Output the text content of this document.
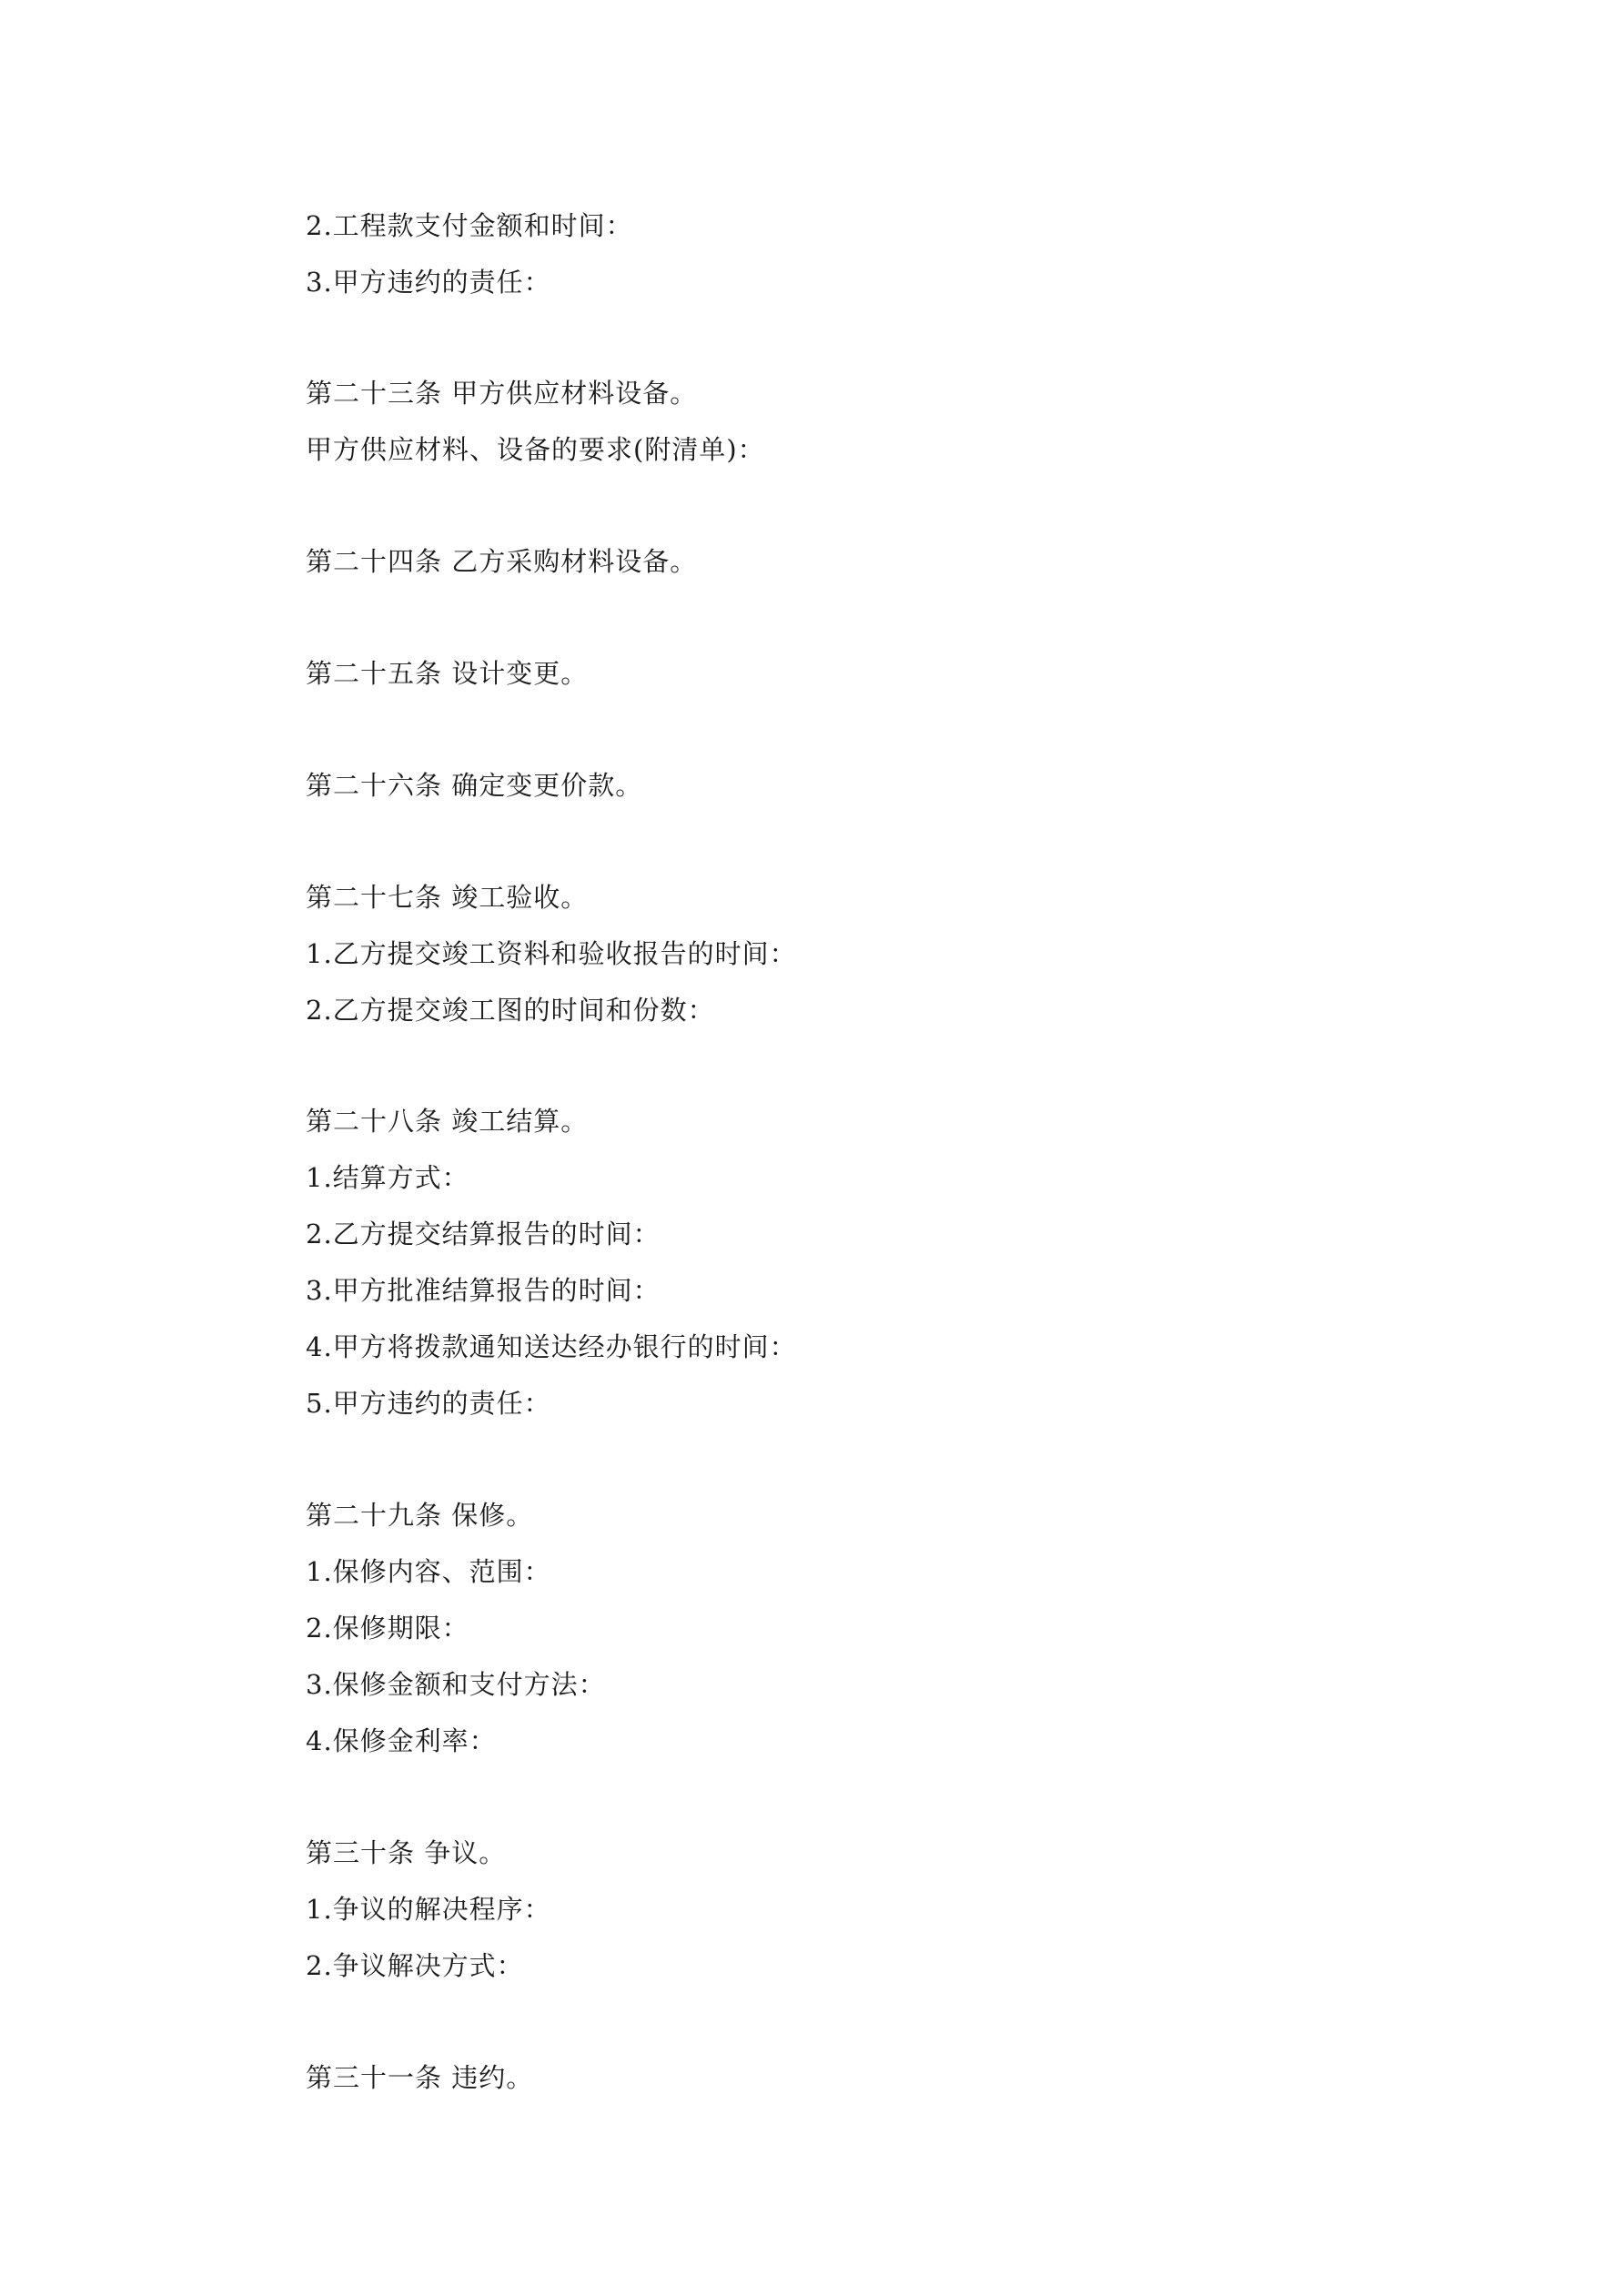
2.工程款支付金额和时间：
3.甲方违约的责任：
第二十三条 甲方供应材料设备。
甲方供应材料、设备的要求(附清单)：
第二十四条 乙方采购材料设备。
第二十五条 设计变更。
第二十六条 确定变更价款。
第二十七条 竣工验收。
1.乙方提交竣工资料和验收报告的时间：
2.乙方提交竣工图的时间和份数：
第二十八条 竣工结算。
1.结算方式：
2.乙方提交结算报告的时间：
3.甲方批准结算报告的时间：
4.甲方将拨款通知送达经办银行的时间：
5.甲方违约的责任：
第二十九条 保修。
1.保修内容、范围：
2.保修期限：
3.保修金额和支付方法：
4.保修金利率：
第三十条 争议。
1.争议的解决程序：
2.争议解决方式：
第三十一条 违约。
